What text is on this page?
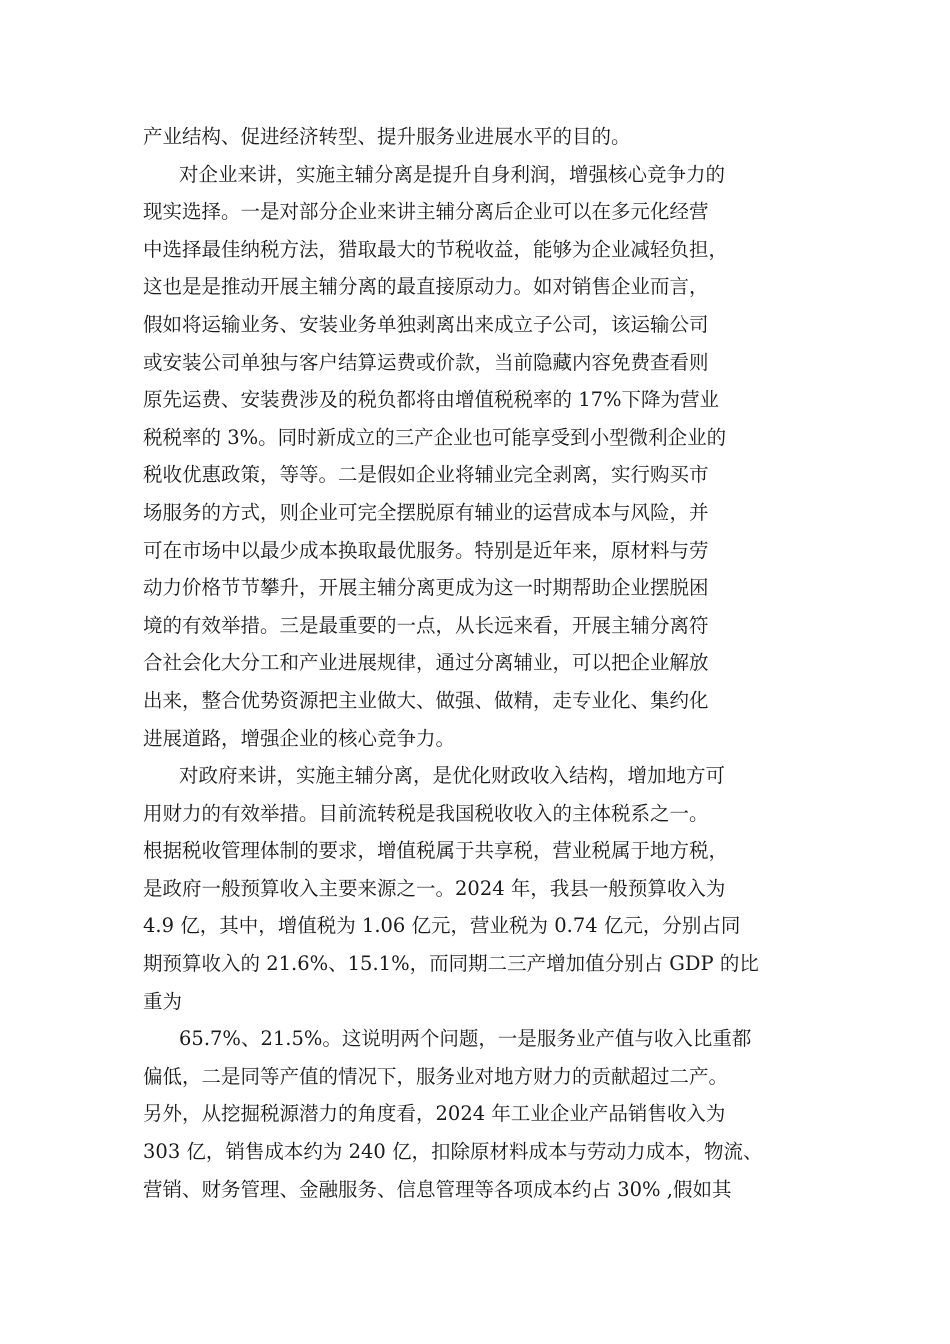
产业结构、促进经济转型、提升服务业进展水平的目的。
对企业来讲，实施主辅分离是提升自身利润，增强核心竞争力的
现实选择。一是对部分企业来讲主辅分离后企业可以在多元化经营
中选择最佳纳税方法，猎取最大的节税收益，能够为企业减轻负担，
这也是是推动开展主辅分离的最直接原动力。如对销售企业而言，
假如将运输业务、安装业务单独剥离出来成立子公司，该运输公司
或安装公司单独与客户结算运费或价款，当前隐藏内容免费查看则
原先运费、安装费涉及的税负都将由增值税税率的 17%下降为营业
税税率的 3%。同时新成立的三产企业也可能享受到小型微利企业的
税收优惠政策，等等。二是假如企业将辅业完全剥离，实行购买市
场服务的方式，则企业可完全摆脱原有辅业的运营成本与风险，并
可在市场中以最少成本换取最优服务。特别是近年来，原材料与劳
动力价格节节攀升，开展主辅分离更成为这一时期帮助企业摆脱困
境的有效举措。三是最重要的一点，从长远来看，开展主辅分离符
合社会化大分工和产业进展规律，通过分离辅业，可以把企业解放
出来，整合优势资源把主业做大、做强、做精，走专业化、集约化
进展道路，增强企业的核心竞争力。
对政府来讲，实施主辅分离，是优化财政收入结构，增加地方可
用财力的有效举措。目前流转税是我国税收收入的主体税系之一。
根据税收管理体制的要求，增值税属于共享税，营业税属于地方税，
是政府一般预算收入主要来源之一。2024 年，我县一般预算收入为
4.9 亿，其中，增值税为 1.06 亿元，营业税为 0.74 亿元，分别占同
期预算收入的 21.6%、15.1%，而同期二三产增加值分别占 GDP 的比
重为
65.7%、21.5%。这说明两个问题，一是服务业产值与收入比重都
偏低，二是同等产值的情况下，服务业对地方财力的贡献超过二产。
另外，从挖掘税源潜力的角度看，2024 年工业企业产品销售收入为
303 亿，销售成本约为 240 亿，扣除原材料成本与劳动力成本，物流、
营销、财务管理、金融服务、信息管理等各项成本约占 30% ,假如其
